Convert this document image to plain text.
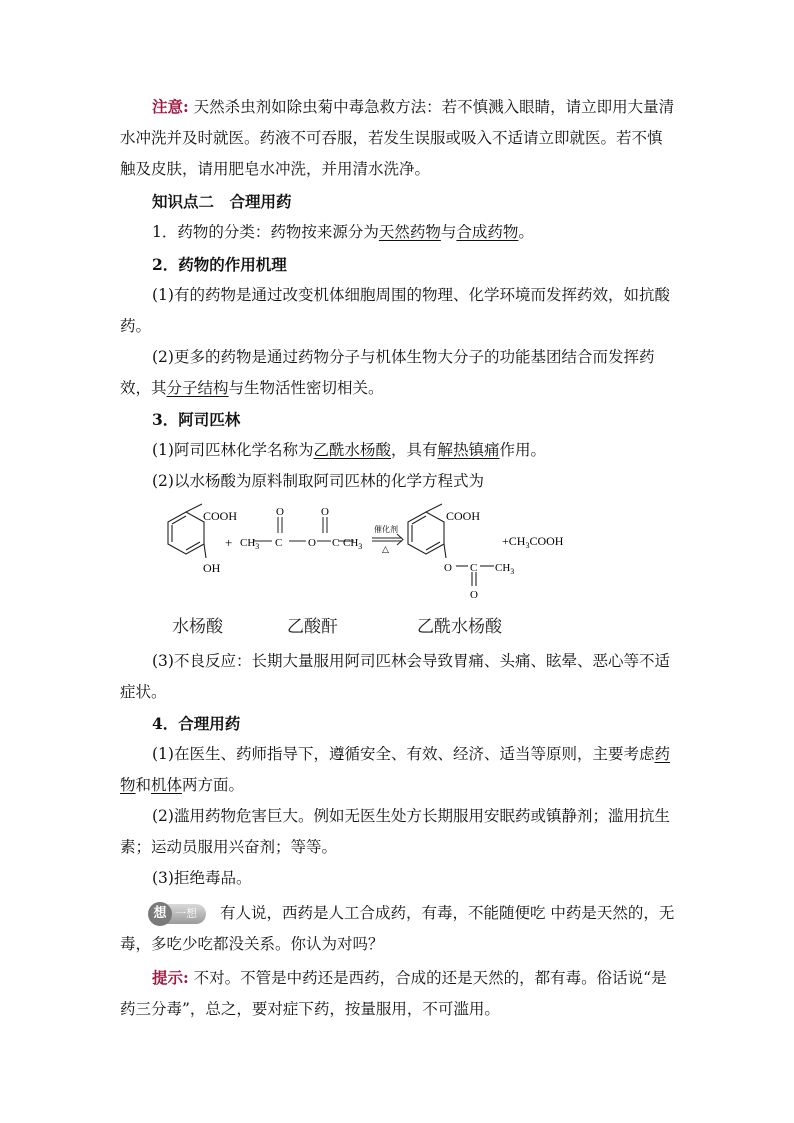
注意: 天然杀虫剂如除虫菊中毒急救方法：若不慎溅入眼睛，请立即用大量清水冲洗并及时就医。药液不可吞服，若发生误服或吸入不适请立即就医。若不慎触及皮肤，请用肥皂水冲洗，并用清水洗净。
知识点二　合理用药
1．药物的分类：药物按来源分为天然药物与合成药物。
2．药物的作用机理
(1)有的药物是通过改变机体细胞周围的物理、化学环境而发挥药效，如抗酸药。
(2)更多的药物是通过药物分子与机体生物大分子的功能基团结合而发挥药效，其分子结构与生物活性密切相关。
3．阿司匹林
(1)阿司匹林化学名称为乙酰水杨酸，具有解热镇痛作用。
(2)以水杨酸为原料制取阿司匹林的化学方程式为
COOH
OH
+ $CH_3$ C
O
O C
O
$CH_3$
催化剂
△
COOH
O C
O
$CH_3$
$+CH_3COOH$
水杨酸	乙酸酐	乙酰水杨酸
(3)不良反应：长期大量服用阿司匹林会导致胃痛、头痛、眩晕、恶心等不适症状。
4．合理用药
(1)在医生、药师指导下，遵循安全、有效、经济、适当等原则，主要考虑药物和机体两方面。
(2)滥用药物危害巨大。例如无医生处方长期服用安眠药或镇静剂；滥用抗生素；运动员服用兴奋剂；等等。
(3)拒绝毒品。
想 一想 有人说，西药是人工合成药，有毒，不能随便吃 中药是天然的，无毒，多吃少吃都没关系。你认为对吗？
提示: 不对。不管是中药还是西药，合成的还是天然的，都有毒。俗话说“是药三分毒”，总之，要对症下药，按量服用，不可滥用。
